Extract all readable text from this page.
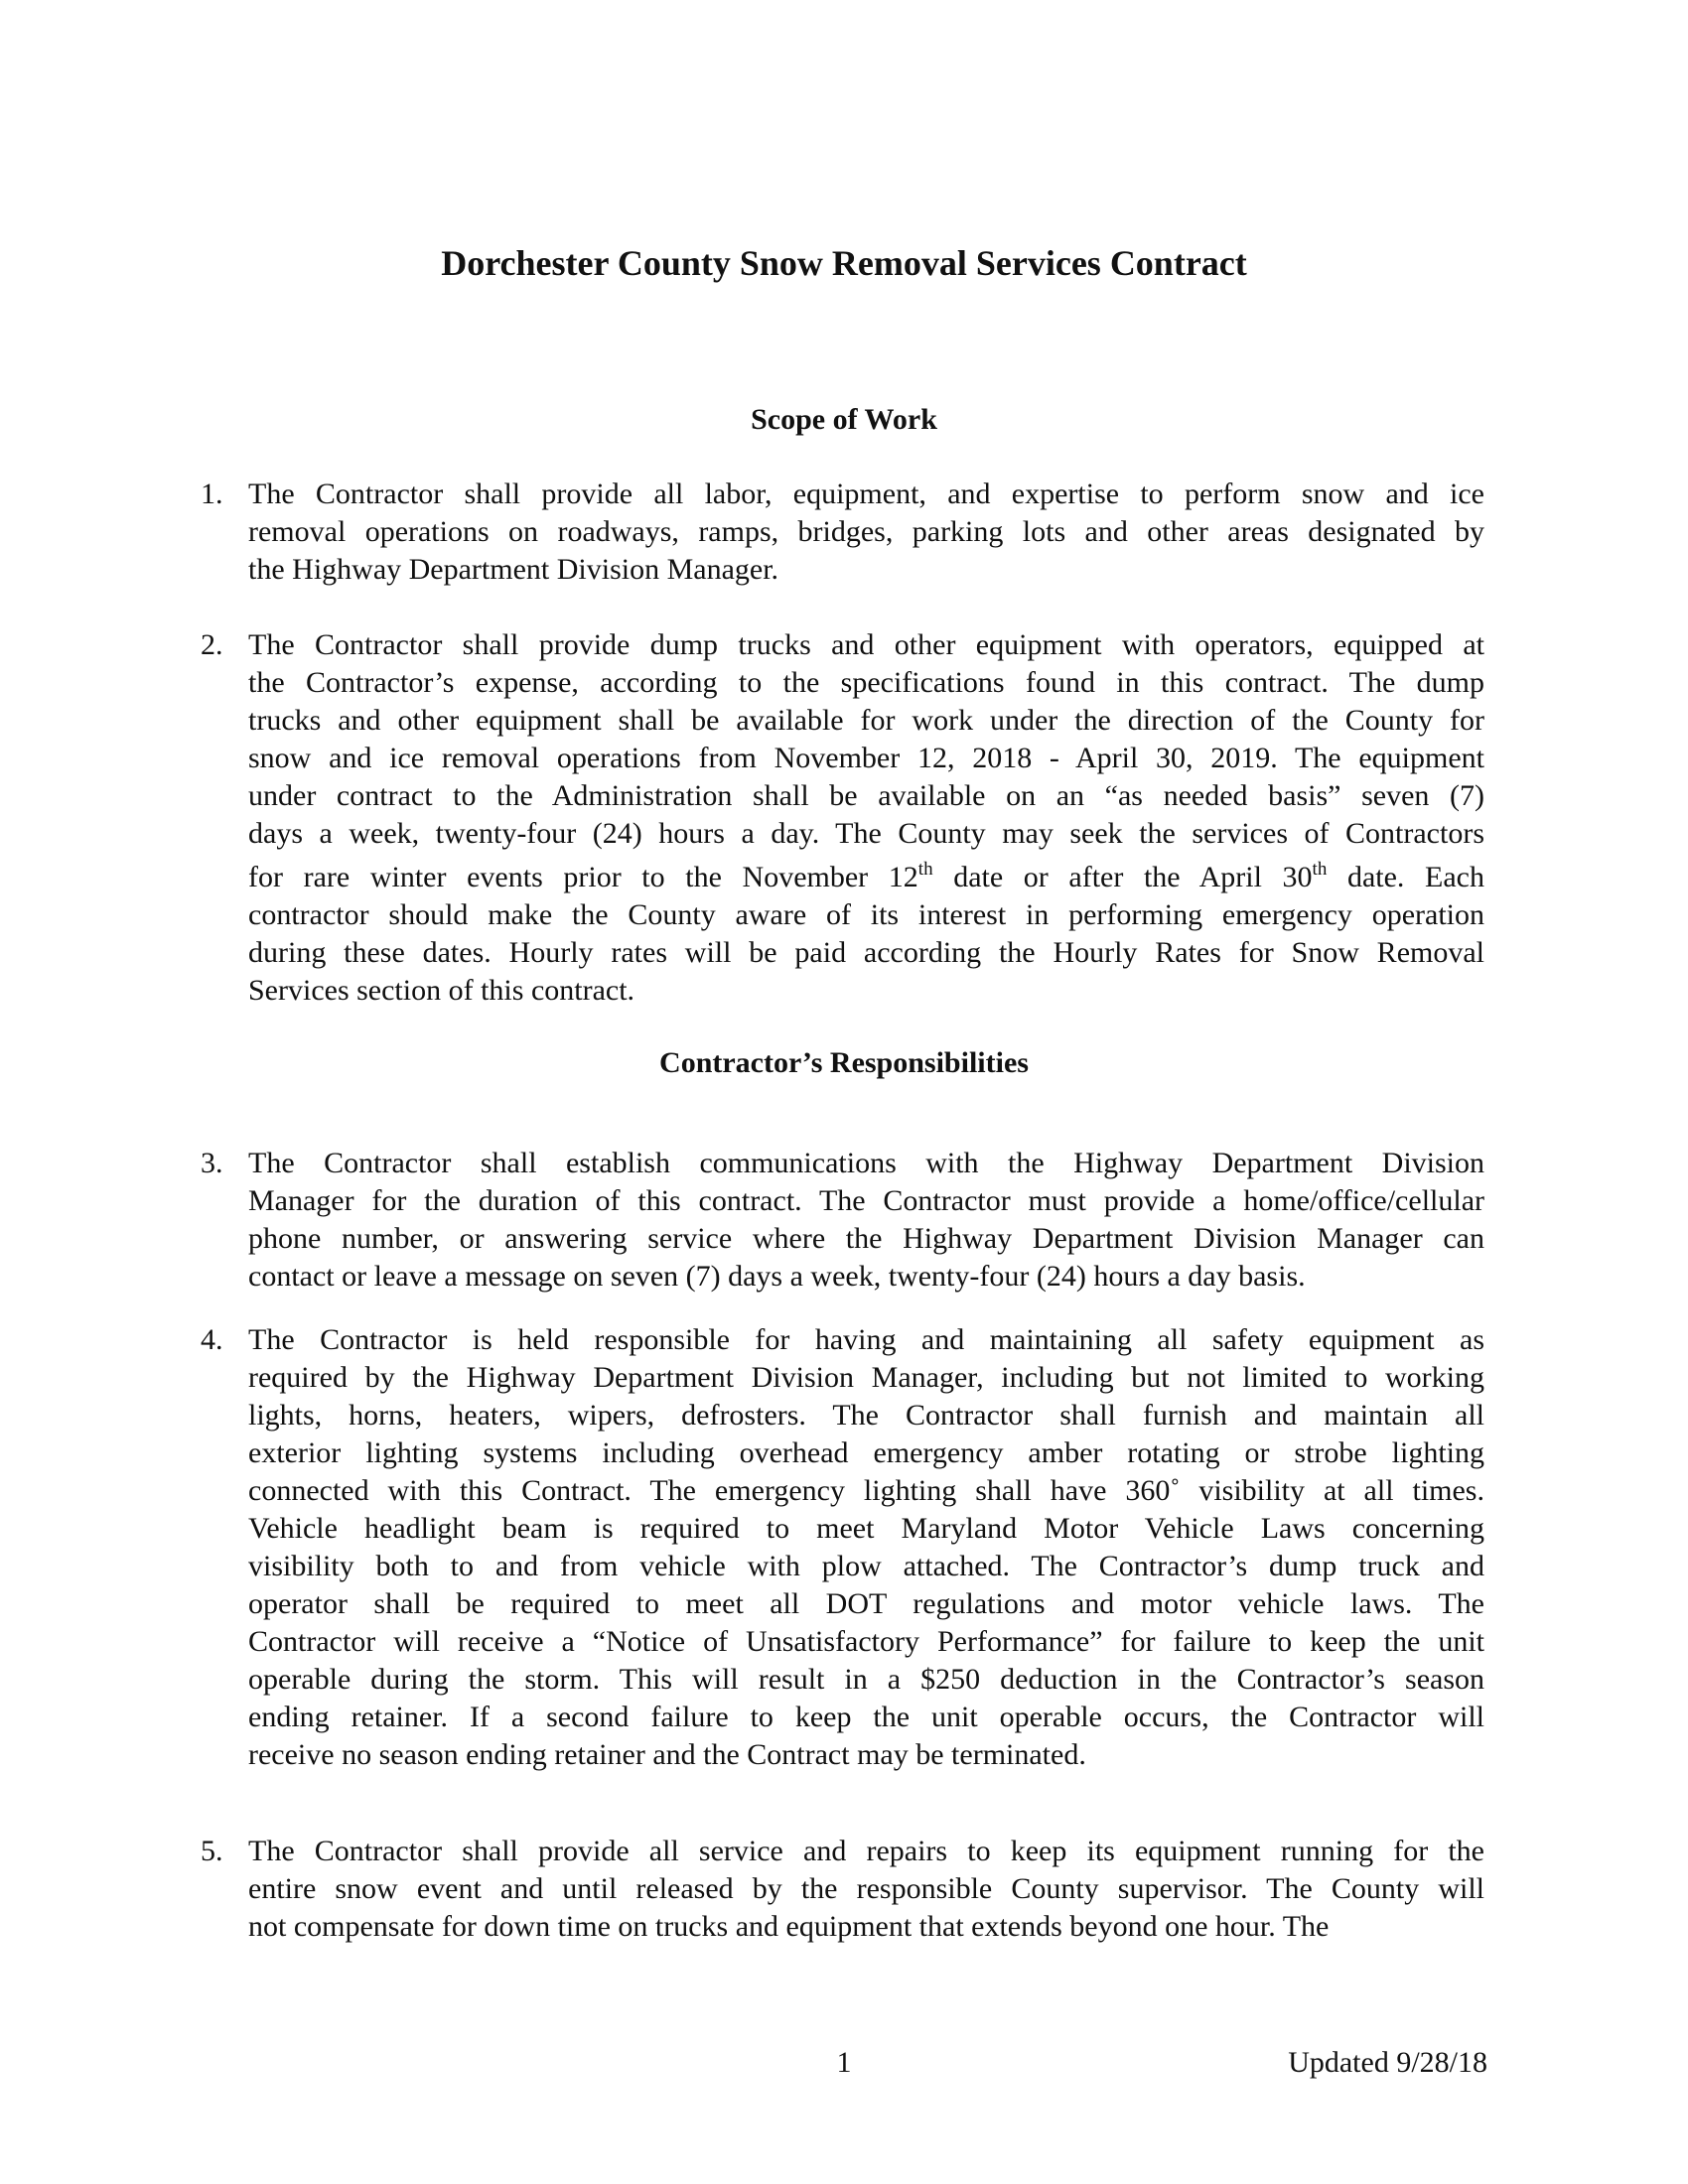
Dorchester County Snow Removal Services Contract
Scope of Work
1. The Contractor shall provide all labor, equipment, and expertise to perform snow and ice
removal operations on roadways, ramps, bridges, parking lots and other areas designated by
the Highway Department Division Manager.
2. The Contractor shall provide dump trucks and other equipment with operators, equipped at
the Contractor’s expense, according to the specifications found in this contract. The dump
trucks and other equipment shall be available for work under the direction of the County for
snow and ice removal operations from November 12, 2018 - April 30, 2019. The equipment
under contract to the Administration shall be available on an “as needed basis” seven (7)
days a week, twenty-four (24) hours a day. The County may seek the services of Contractors
for rare winter events prior to the November 12th date or after the April 30th date. Each
contractor should make the County aware of its interest in performing emergency operation
during these dates. Hourly rates will be paid according the Hourly Rates for Snow Removal
Services section of this contract.
Contractor’s Responsibilities
3. The Contractor shall establish communications with the Highway Department Division
Manager for the duration of this contract. The Contractor must provide a home/office/cellular
phone number, or answering service where the Highway Department Division Manager can
contact or leave a message on seven (7) days a week, twenty-four (24) hours a day basis.
4. The Contractor is held responsible for having and maintaining all safety equipment as
required by the Highway Department Division Manager, including but not limited to working
lights, horns, heaters, wipers, defrosters. The Contractor shall furnish and maintain all
exterior lighting systems including overhead emergency amber rotating or strobe lighting
connected with this Contract. The emergency lighting shall have 360˚ visibility at all times.
Vehicle headlight beam is required to meet Maryland Motor Vehicle Laws concerning
visibility both to and from vehicle with plow attached. The Contractor’s dump truck and
operator shall be required to meet all DOT regulations and motor vehicle laws. The
Contractor will receive a “Notice of Unsatisfactory Performance” for failure to keep the unit
operable during the storm. This will result in a $250 deduction in the Contractor’s season
ending retainer. If a second failure to keep the unit operable occurs, the Contractor will
receive no season ending retainer and the Contract may be terminated.
5. The Contractor shall provide all service and repairs to keep its equipment running for the
entire snow event and until released by the responsible County supervisor. The County will
not compensate for down time on trucks and equipment that extends beyond one hour. The
1	Updated 9/28/18
